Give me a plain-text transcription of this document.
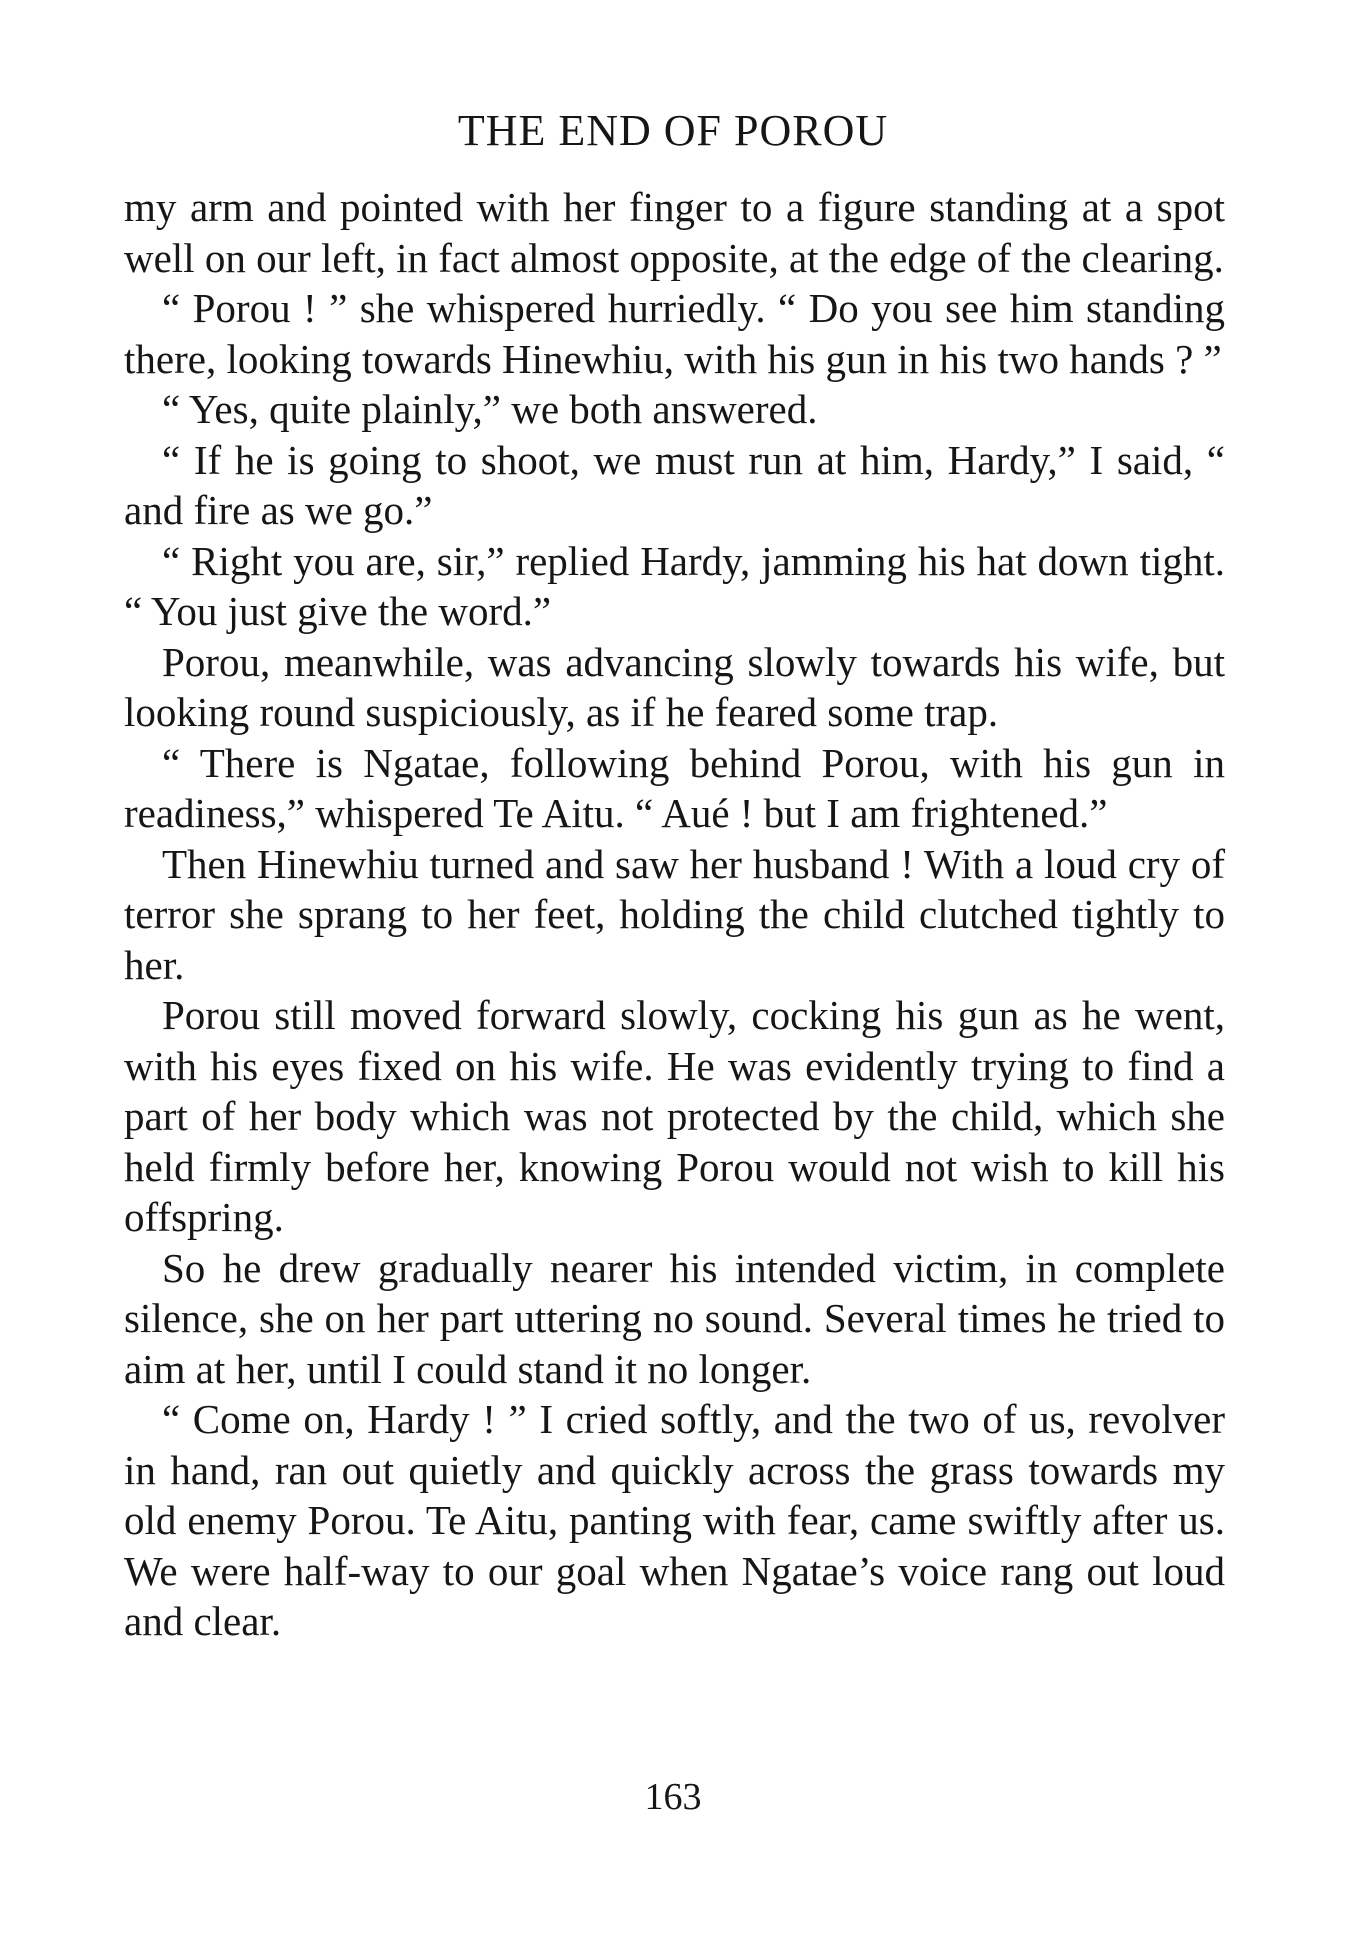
THE END OF POROU

my arm and pointed with her finger to a figure standing at a spot well on our left, in fact almost opposite, at the edge of the clearing.

“ Porou ! ” she whispered hurriedly. “ Do you see him standing there, looking towards Hinewhiu, with his gun in his two hands ? ”

“ Yes, quite plainly,” we both answered.

“ If he is going to shoot, we must run at him, Hardy,” I said, “ and fire as we go.”

“ Right you are, sir,” replied Hardy, jamming his hat down tight. “ You just give the word.”

Porou, meanwhile, was advancing slowly towards his wife, but looking round suspiciously, as if he feared some trap.

“ There is Ngatae, following behind Porou, with his gun in readiness,” whispered Te Aitu. “ Aué ! but I am frightened.”

Then Hinewhiu turned and saw her husband ! With a loud cry of terror she sprang to her feet, holding the child clutched tightly to her.

Porou still moved forward slowly, cocking his gun as he went, with his eyes fixed on his wife. He was evidently trying to find a part of her body which was not protected by the child, which she held firmly before her, knowing Porou would not wish to kill his offspring.

So he drew gradually nearer his intended victim, in complete silence, she on her part uttering no sound. Several times he tried to aim at her, until I could stand it no longer.

“ Come on, Hardy ! ” I cried softly, and the two of us, revolver in hand, ran out quietly and quickly across the grass towards my old enemy Porou. Te Aitu, panting with fear, came swiftly after us. We were half-way to our goal when Ngatae’s voice rang out loud and clear.

163
